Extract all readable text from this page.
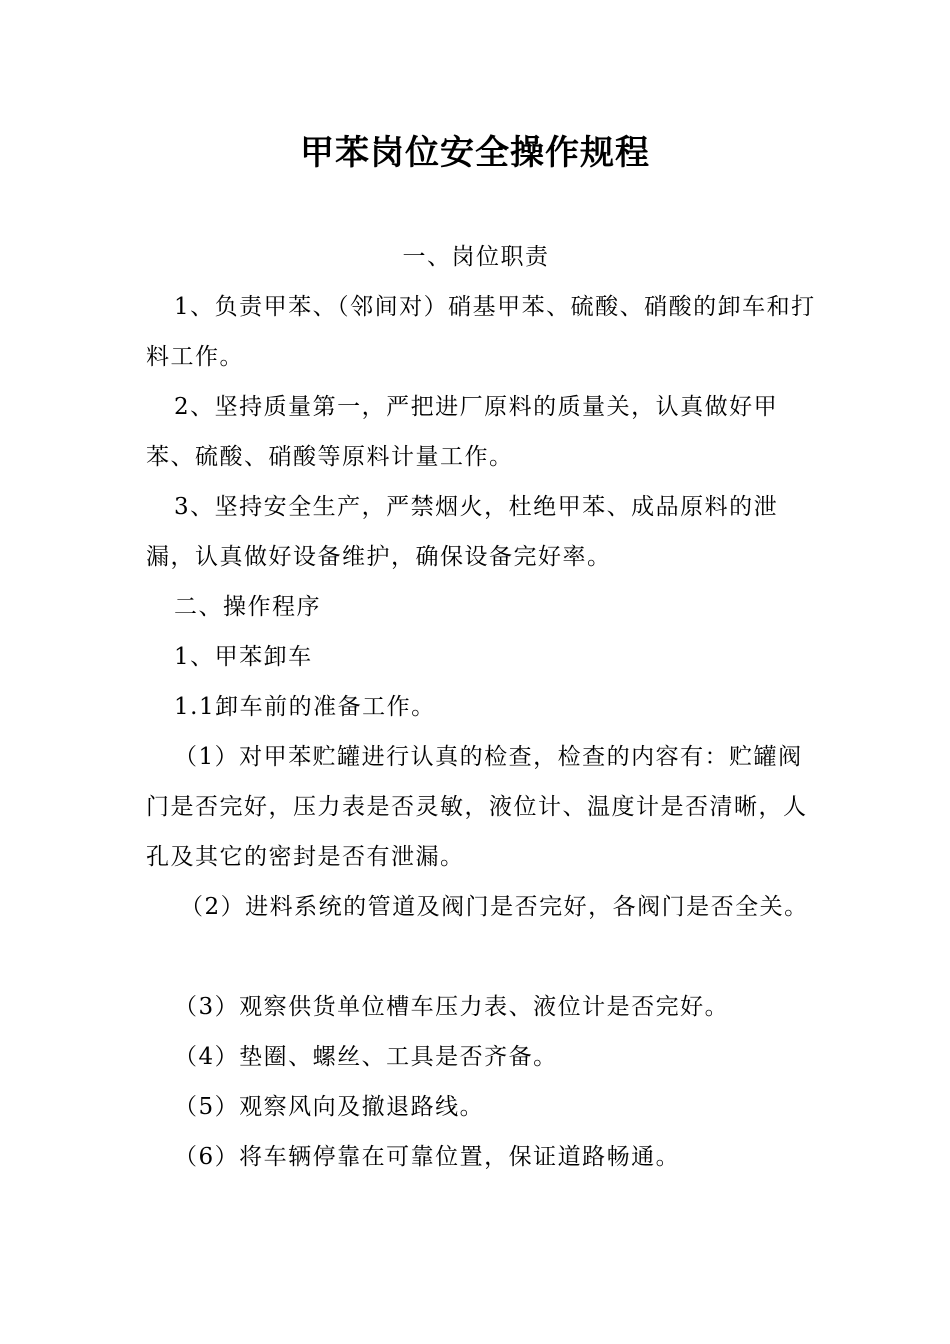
甲苯岗位安全操作规程

一、岗位职责

1、负责甲苯、（邻间对）硝基甲苯、硫酸、硝酸的卸车和打料工作。

2、坚持质量第一，严把进厂原料的质量关，认真做好甲苯、硫酸、硝酸等原料计量工作。

3、坚持安全生产，严禁烟火，杜绝甲苯、成品原料的泄漏，认真做好设备维护，确保设备完好率。

二、操作程序

1、甲苯卸车

1.1卸车前的准备工作。

（1）对甲苯贮罐进行认真的检查，检查的内容有：贮罐阀门是否完好，压力表是否灵敏，液位计、温度计是否清晰，人孔及其它的密封是否有泄漏。

（2）进料系统的管道及阀门是否完好，各阀门是否全关。

（3）观察供货单位槽车压力表、液位计是否完好。

（4）垫圈、螺丝、工具是否齐备。

（5）观察风向及撤退路线。

（6）将车辆停靠在可靠位置，保证道路畅通。
